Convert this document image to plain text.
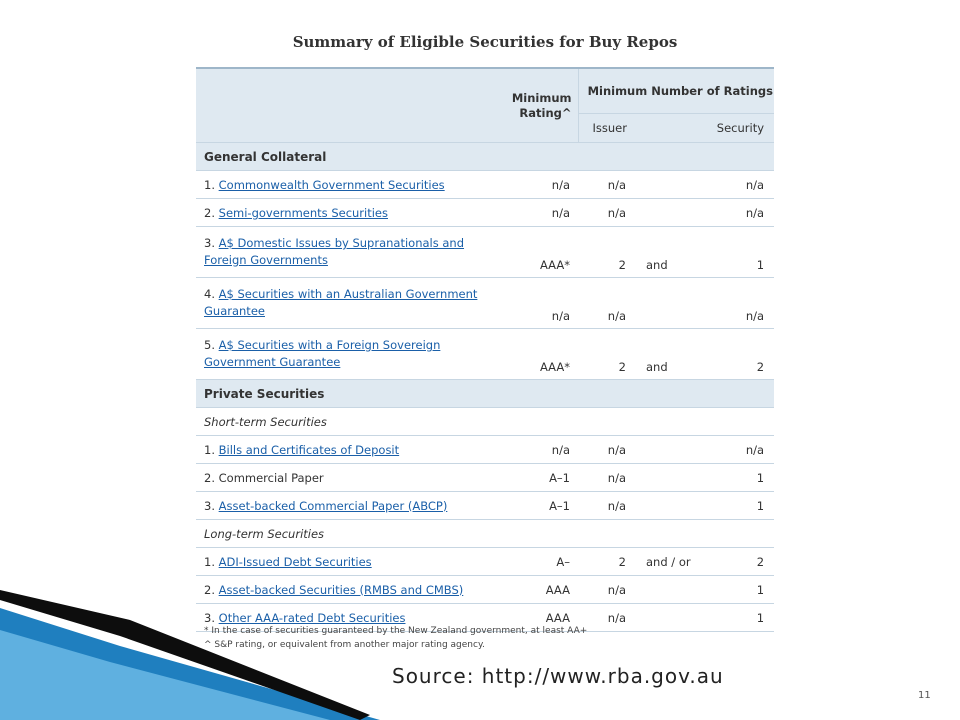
Summary of Eligible Securities for Buy Repos
	Minimum Rating^	Minimum Number of Ratings		
		Issuer		Security
General Collateral				
1. Commonwealth Government Securities	n/a	n/a		n/a
2. Semi-governments Securities	n/a	n/a		n/a
3. A$ Domestic Issues by Supranationals and Foreign Governments	AAA*	2	and	1
4. A$ Securities with an Australian Government Guarantee	n/a	n/a		n/a
5. A$ Securities with a Foreign Sovereign Government Guarantee	AAA*	2	and	2
Private Securities				
Short-term Securities				
1. Bills and Certificates of Deposit	n/a	n/a		n/a
2. Commercial Paper	A–1	n/a		1
3. Asset-backed Commercial Paper (ABCP)	A–1	n/a		1
Long-term Securities				
1. ADI-Issued Debt Securities	A–	2	and / or	2
2. Asset-backed Securities (RMBS and CMBS)	AAA	n/a		1
3. Other AAA-rated Debt Securities	AAA	n/a		1
* In the case of securities guaranteed by the New Zealand government, at least AA+
^ S&P rating, or equivalent from another major rating agency.
Source: http://www.rba.gov.au
11
